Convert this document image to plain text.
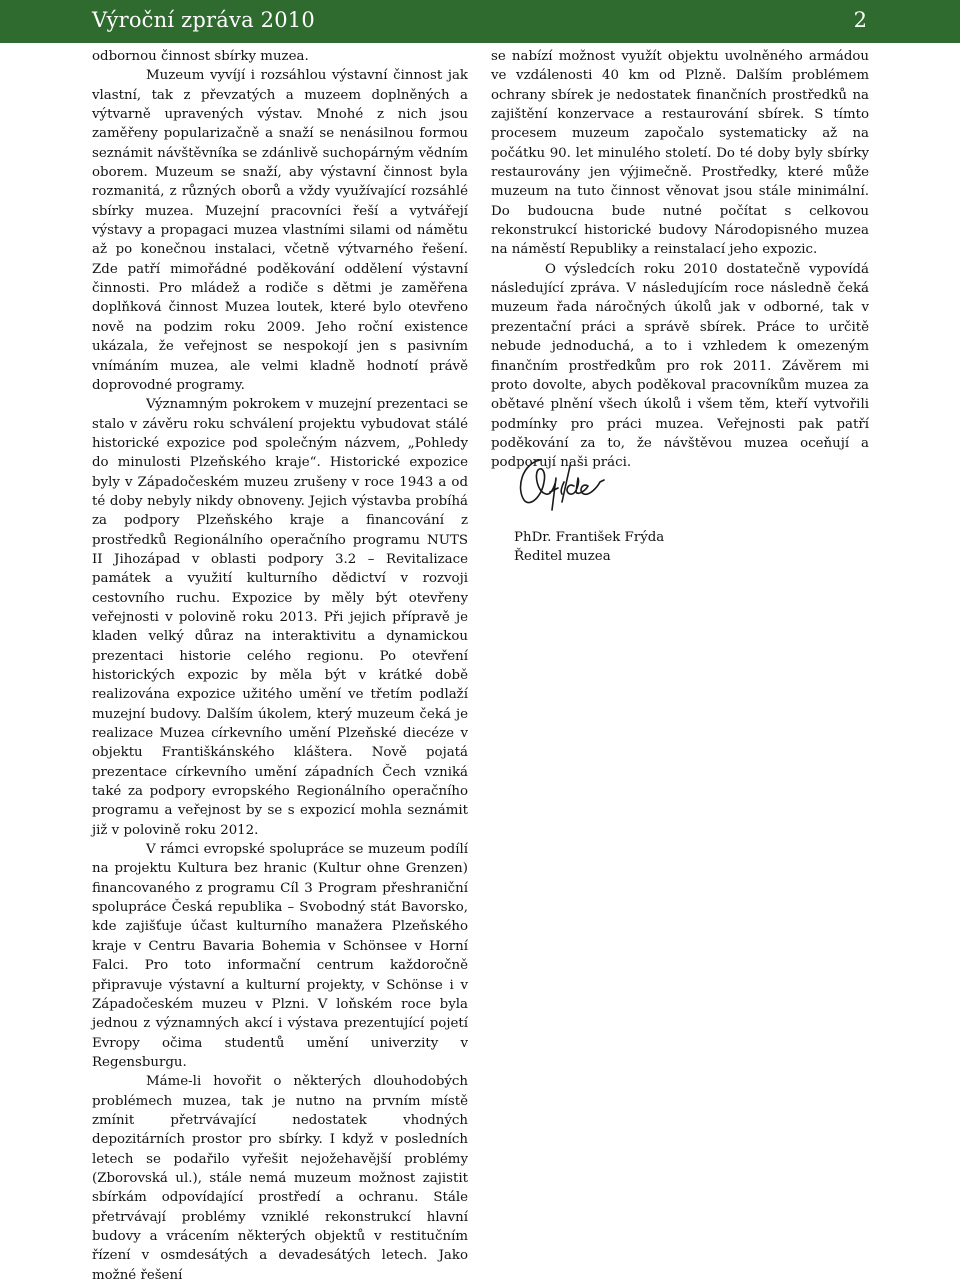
Výroční zpráva 2010	2

odbornou činnost sbírky muzea.

Muzeum vyvíjí i rozsáhlou výstavní činnost jak vlastní, tak z převzatých a muzeem doplněných a výtvarně upravených výstav. Mnohé z nich jsou zaměřeny popularizačně a snaží se nenásilnou formou seznámit návštěvníka se zdánlivě suchopárným vědním oborem. Muzeum se snaží, aby výstavní činnost byla rozmanitá, z různých oborů a vždy využívající rozsáhlé sbírky muzea. Muzejní pracovníci řeší a vytvářejí výstavy a propagaci muzea vlastními silami od námětu až po konečnou instalaci, včetně výtvarného řešení. Zde patří mimořádné poděkování oddělení výstavní činnosti. Pro mládež a rodiče s dětmi je zaměřena doplňková činnost Muzea loutek, které bylo otevřeno nově na podzim roku 2009. Jeho roční existence ukázala, že veřejnost se nespokojí jen s pasivním vnímáním muzea, ale velmi kladně hodnotí právě doprovodné programy.

Významným pokrokem v muzejní prezentaci se stalo v závěru roku schválení projektu vybudovat stálé historické expozice pod společným názvem, „Pohledy do minulosti Plzeňského kraje“. Historické expozice byly v Západočeském muzeu zrušeny v roce 1943 a od té doby nebyly nikdy obnoveny. Jejich výstavba probíhá za podpory Plzeňského kraje a financování z prostředků Regionálního operačního programu NUTS II Jihozápad v oblasti podpory 3.2 – Revitalizace památek a využití kulturního dědictví v rozvoji cestovního ruchu. Expozice by měly být otevřeny veřejnosti v polovině roku 2013. Při jejich přípravě je kladen velký důraz na interaktivitu a dynamickou prezentaci historie celého regionu. Po otevření historických expozic by měla být v krátké době realizována expozice užitého umění ve třetím podlaží muzejní budovy. Dalším úkolem, který muzeum čeká je realizace Muzea církevního umění Plzeňské diecéze v objektu Františkánského kláštera. Nově pojatá prezentace církevního umění západních Čech vzniká také za podpory evropského Regionálního operačního programu a veřejnost by se s expozicí mohla seznámit již v polovině roku 2012.

V rámci evropské spolupráce se muzeum podílí na projektu Kultura bez hranic (Kultur ohne Grenzen) financovaného z programu Cíl 3 Program přeshraniční spolupráce Česká republika – Svobodný stát Bavorsko, kde zajišťuje účast kulturního manažera Plzeňského kraje v Centru Bavaria Bohemia v Schönsee v Horní Falci. Pro toto informační centrum každoročně připravuje výstavní a kulturní projekty, v Schönse i v Západočeském muzeu v Plzni. V loňském roce byla jednou z významných akcí i výstava prezentující pojetí Evropy očima studentů umění univerzity v Regensburgu.

Máme-li hovořit o některých dlouhodobých problémech muzea, tak je nutno na prvním místě zmínit přetrvávající nedostatek vhodných depozitárních prostor pro sbírky. I když v posledních letech se podařilo vyřešit nejožehavější problémy (Zborovská ul.), stále nemá muzeum možnost zajistit sbírkám odpovídající prostředí a ochranu. Stále přetrvávají problémy vzniklé rekonstrukcí hlavní budovy a vrácením některých objektů v restitučním řízení v osmdesátých a devadesátých letech. Jako možné řešení

se nabízí možnost využít objektu uvolněného armádou ve vzdálenosti 40 km od Plzně. Dalším problémem ochrany sbírek je nedostatek finančních prostředků na zajištění konzervace a restaurování sbírek. S tímto procesem muzeum započalo systematicky až na počátku 90. let minulého století. Do té doby byly sbírky restaurovány jen výjimečně. Prostředky, které může muzeum na tuto činnost věnovat jsou stále minimální. Do budoucna bude nutné počítat s celkovou rekonstrukcí historické budovy Národopisného muzea na náměstí Republiky a reinstalací jeho expozic.

O výsledcích roku 2010 dostatečně vypovídá následující zpráva. V následujícím roce následně čeká muzeum řada náročných úkolů jak v odborné, tak v prezentační práci a správě sbírek. Práce to určitě nebude jednoduchá, a to i vzhledem k omezeným finančním prostředkům pro rok 2011. Závěrem mi proto dovolte, abych poděkoval pracovníkům muzea za obětavé plnění všech úkolů i všem těm, kteří vytvořili podmínky pro práci muzea. Veřejnosti pak patří poděkování za to, že návštěvou muzea oceňují a podporují naši práci.

PhDr. František Frýda
Ředitel muzea
